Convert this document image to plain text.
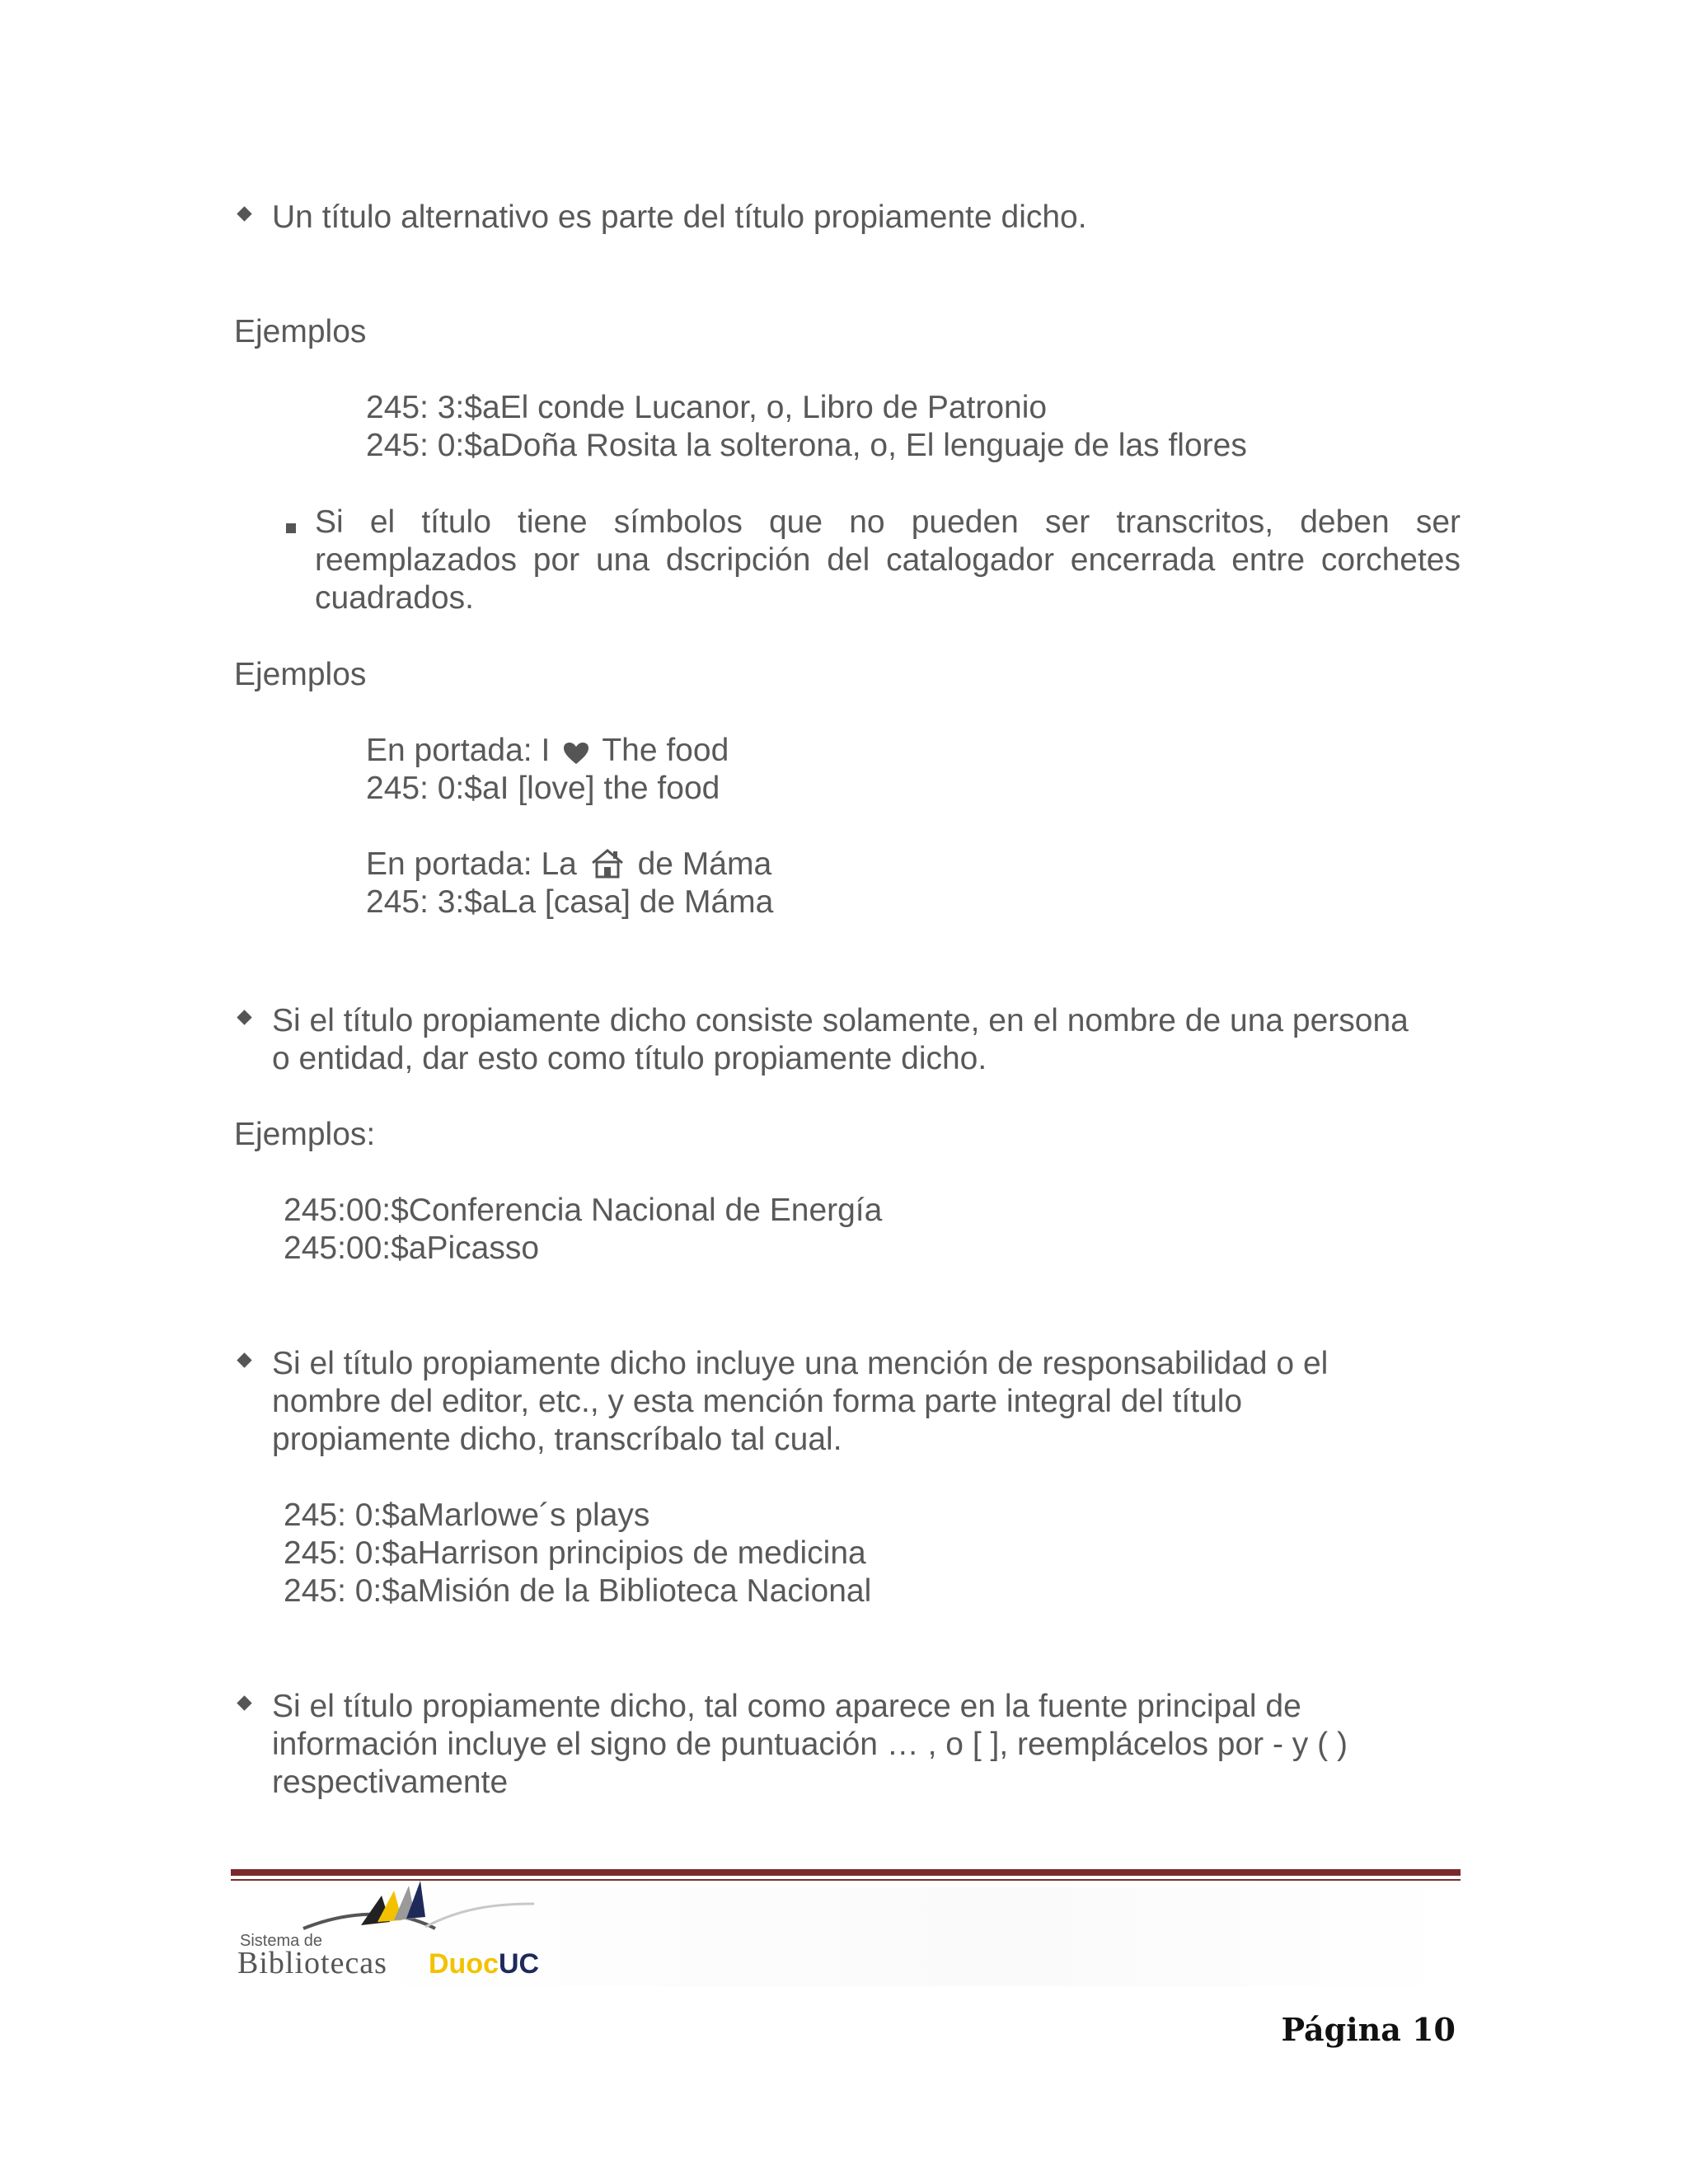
Un título alternativo es parte del título propiamente dicho.
Ejemplos
245: 3:$aEl conde Lucanor, o, Libro de Patronio
245: 0:$aDoña Rosita la solterona, o, El lenguaje de las flores
Si el título tiene símbolos que no pueden ser transcritos, deben ser
reemplazados por una dscripción del catalogador encerrada entre corchetes
cuadrados.
Ejemplos
En portada: I The food
245: 0:$aI [love] the food
En portada: La de Máma
245: 3:$aLa [casa] de Máma
Si el título propiamente dicho consiste solamente, en el nombre de una persona
o entidad, dar esto como título propiamente dicho.
Ejemplos:
245:00:$Conferencia Nacional de Energía
245:00:$aPicasso
Si el título propiamente dicho incluye una mención de responsabilidad o el
nombre del editor, etc., y esta mención forma parte integral del título
propiamente dicho, transcríbalo tal cual.
245: 0:$aMarlowe´s plays
245: 0:$aHarrison principios de medicina
245: 0:$aMisión de la Biblioteca Nacional
Si el título propiamente dicho, tal como aparece en la fuente principal de
información incluye el signo de puntuación … , o [ ], reemplácelos por - y ( )
respectivamente
Sistema de
Bibliotecas DuocUC
Página 10
